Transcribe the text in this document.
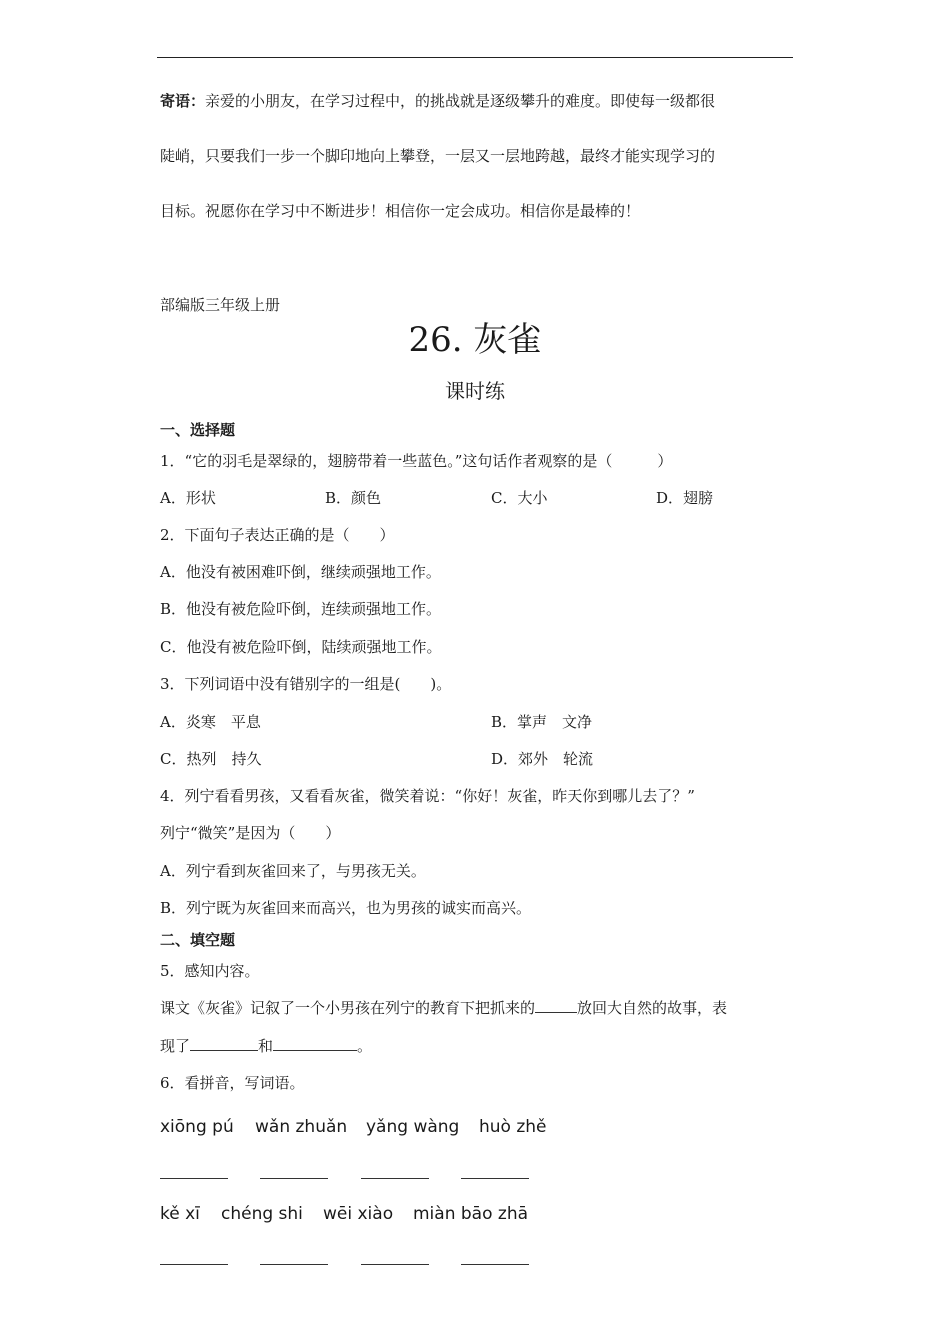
寄语：亲爱的小朋友，在学习过程中，的挑战就是逐级攀升的难度。即使每一级都很
陡峭，只要我们一步一个脚印地向上攀登，一层又一层地跨越，最终才能实现学习的
目标。祝愿你在学习中不断进步！相信你一定会成功。相信你是最棒的！
部编版三年级上册
26. 灰雀
课时练
一、选择题
1．“它的羽毛是翠绿的，翅膀带着一些蓝色。”这句话作者观察的是（　　　）
A．形状	B．颜色	C．大小	D．翅膀
2．下面句子表达正确的是（　　）
A．他没有被困难吓倒，继续顽强地工作。
B．他没有被危险吓倒，连续顽强地工作。
C．他没有被危险吓倒，陆续顽强地工作。
3．下列词语中没有错别字的一组是(　　)。
A．炎寒　平息	B．掌声　文净
C．热列　持久	D．郊外　轮流
4．列宁看看男孩，又看看灰雀，微笑着说：“你好！灰雀，昨天你到哪儿去了？”
列宁“微笑”是因为（　　）
A．列宁看到灰雀回来了，与男孩无关。
B．列宁既为灰雀回来而高兴，也为男孩的诚实而高兴。
二、填空题
5．感知内容。
课文《灰雀》记叙了一个小男孩在列宁的教育下把抓来的	放回大自然的故事，表
现了	和	。
6．看拼音，写词语。
xiōng pú wǎn zhuǎn yǎng wàng huò zhě
kě xī chéng shi wēi xiào miàn bāo zhā
